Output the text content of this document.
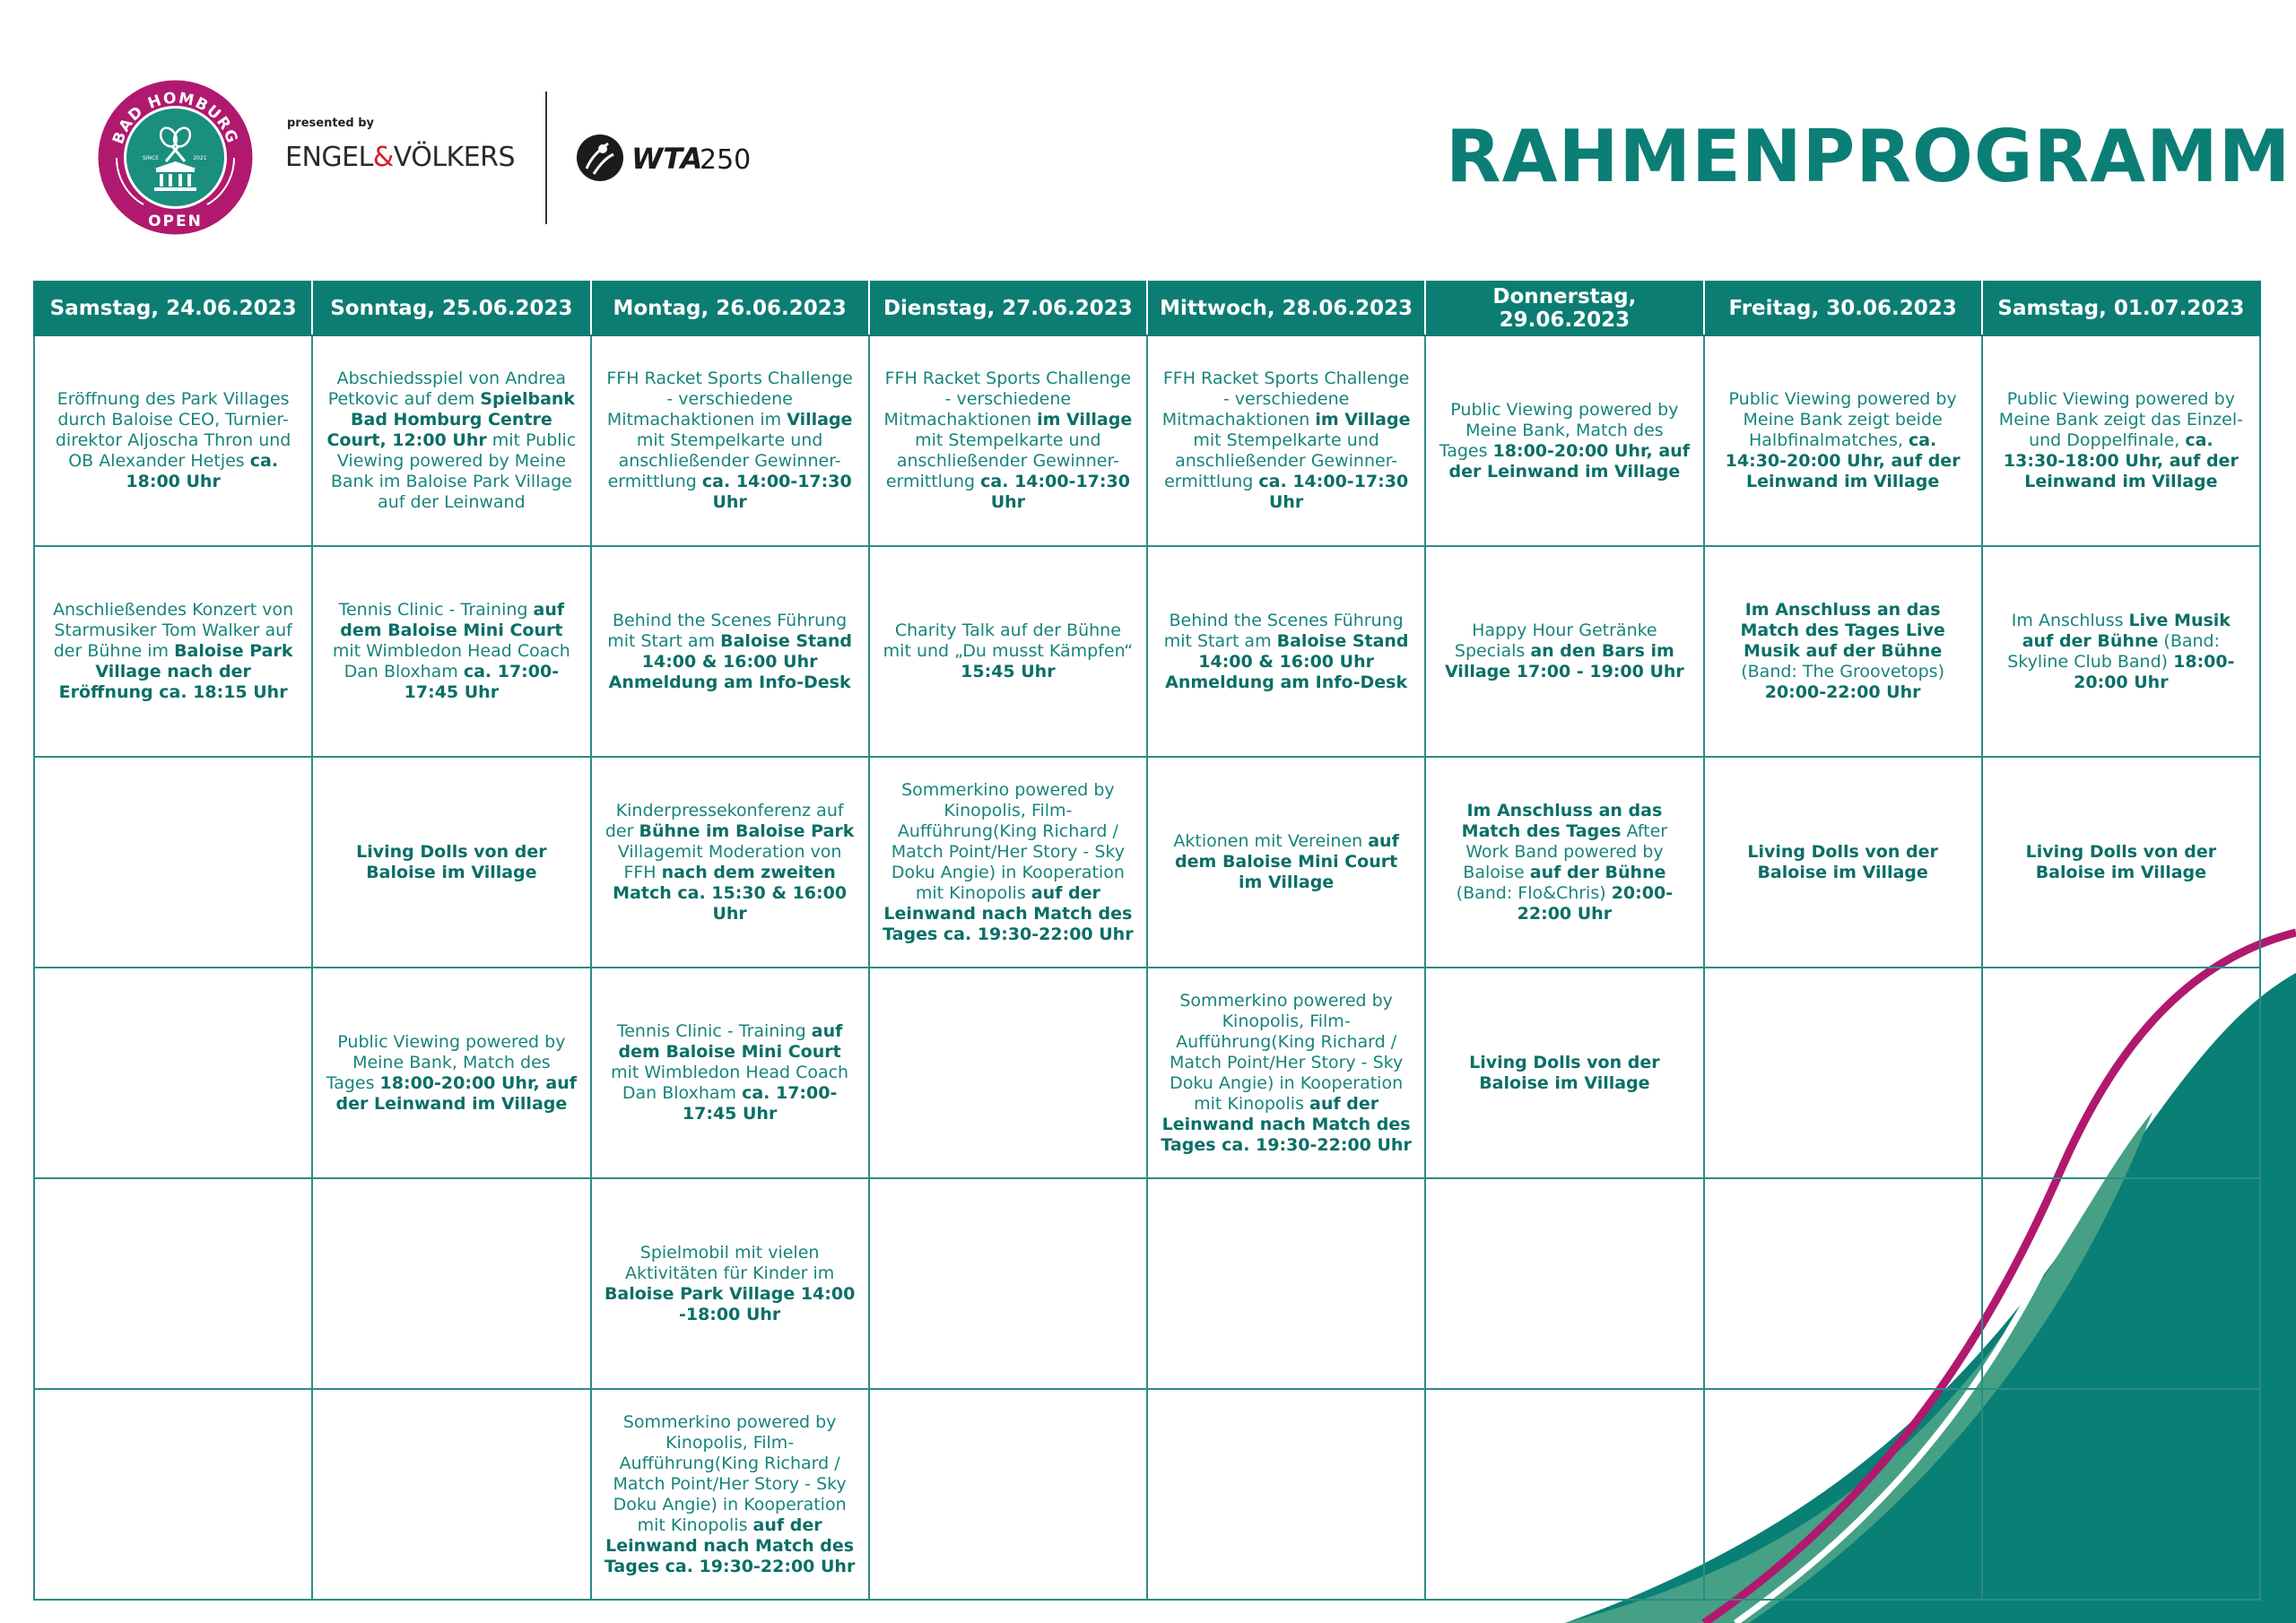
BAD HOMBURG
OPEN
SINCE	2021
presented by
ENGEL&VÖLKERS	WTA
250	RAHMENPROGRAMM
Samstag, 24.06.2023	Sonntag, 25.06.2023	Montag, 26.06.2023	Dienstag, 27.06.2023	Mittwoch, 28.06.2023	Donnerstag, 29.06.2023	Freitag, 30.06.2023	Samstag, 01.07.2023
Eröffnung des Park Villages durch Baloise CEO, Turnier-direktor Aljoscha Thron und OB Alexander Hetjes ca. 18:00 Uhr	Abschiedsspiel von Andrea Petkovic auf dem Spielbank Bad Homburg Centre Court, 12:00 Uhr mit Public Viewing powered by Meine Bank im Baloise Park Village auf der Leinwand	FFH Racket Sports Challenge - verschiedene Mitmachaktionen im Village mit Stempelkarte und anschließender Gewinner-ermittlung ca. 14:00-17:30 Uhr	FFH Racket Sports Challenge - verschiedene Mitmachaktionen im Village mit Stempelkarte und anschließender Gewinner-ermittlung ca. 14:00-17:30 Uhr	FFH Racket Sports Challenge - verschiedene Mitmachaktionen im Village mit Stempelkarte und anschließender Gewinner-ermittlung ca. 14:00-17:30 Uhr	Public Viewing powered by Meine Bank, Match des Tages 18:00-20:00 Uhr, auf der Leinwand im Village	Public Viewing powered by Meine Bank zeigt beide Halbfinalmatches, ca. 14:30-20:00 Uhr, auf der Leinwand im Village	Public Viewing powered by Meine Bank zeigt das Einzel- und Doppelfinale, ca. 13:30-18:00 Uhr, auf der Leinwand im Village
Anschließendes Konzert von Starmusiker Tom Walker auf der Bühne im Baloise Park Village nach der Eröffnung ca. 18:15 Uhr	Tennis Clinic - Training auf dem Baloise Mini Court mit Wimbledon Head Coach Dan Bloxham ca. 17:00-17:45 Uhr	Behind the Scenes Führung mit Start am Baloise Stand 14:00 & 16:00 Uhr Anmeldung am Info-Desk	Charity Talk auf der Bühne mit und „Du musst Kämpfen“ 15:45 Uhr	Behind the Scenes Führung mit Start am Baloise Stand 14:00 & 16:00 Uhr Anmeldung am Info-Desk	Happy Hour Getränke Specials an den Bars im Village 17:00 - 19:00 Uhr	Im Anschluss an das Match des Tages Live Musik auf der Bühne (Band: The Groovetops) 20:00-22:00 Uhr	Im Anschluss Live Musik auf der Bühne (Band: Skyline Club Band) 18:00-20:00 Uhr
	Living Dolls von der Baloise im Village	Kinderpressekonferenz auf der Bühne im Baloise Park Villagemit Moderation von FFH nach dem zweiten Match ca. 15:30 & 16:00 Uhr	Sommerkino powered by Kinopolis, Film-Aufführung(King Richard / Match Point/Her Story - Sky Doku Angie) in Kooperation mit Kinopolis auf der Leinwand nach Match des Tages ca. 19:30-22:00 Uhr	Aktionen mit Vereinen auf dem Baloise Mini Court im Village	Im Anschluss an das Match des Tages After Work Band powered by Baloise auf der Bühne (Band: Flo&Chris) 20:00-22:00 Uhr	Living Dolls von der Baloise im Village	Living Dolls von der Baloise im Village
	Public Viewing powered by Meine Bank, Match des Tages 18:00-20:00 Uhr, auf der Leinwand im Village	Tennis Clinic - Training auf dem Baloise Mini Court mit Wimbledon Head Coach Dan Bloxham ca. 17:00-17:45 Uhr		Sommerkino powered by Kinopolis, Film-Aufführung(King Richard / Match Point/Her Story - Sky Doku Angie) in Kooperation mit Kinopolis auf der Leinwand nach Match des Tages ca. 19:30-22:00 Uhr	Living Dolls von der Baloise im Village		
		Spielmobil mit vielen Aktivitäten für Kinder im Baloise Park Village 14:00 -18:00 Uhr					
		Sommerkino powered by Kinopolis, Film-Aufführung(King Richard / Match Point/Her Story - Sky Doku Angie) in Kooperation mit Kinopolis auf der Leinwand nach Match des Tages ca. 19:30-22:00 Uhr					
